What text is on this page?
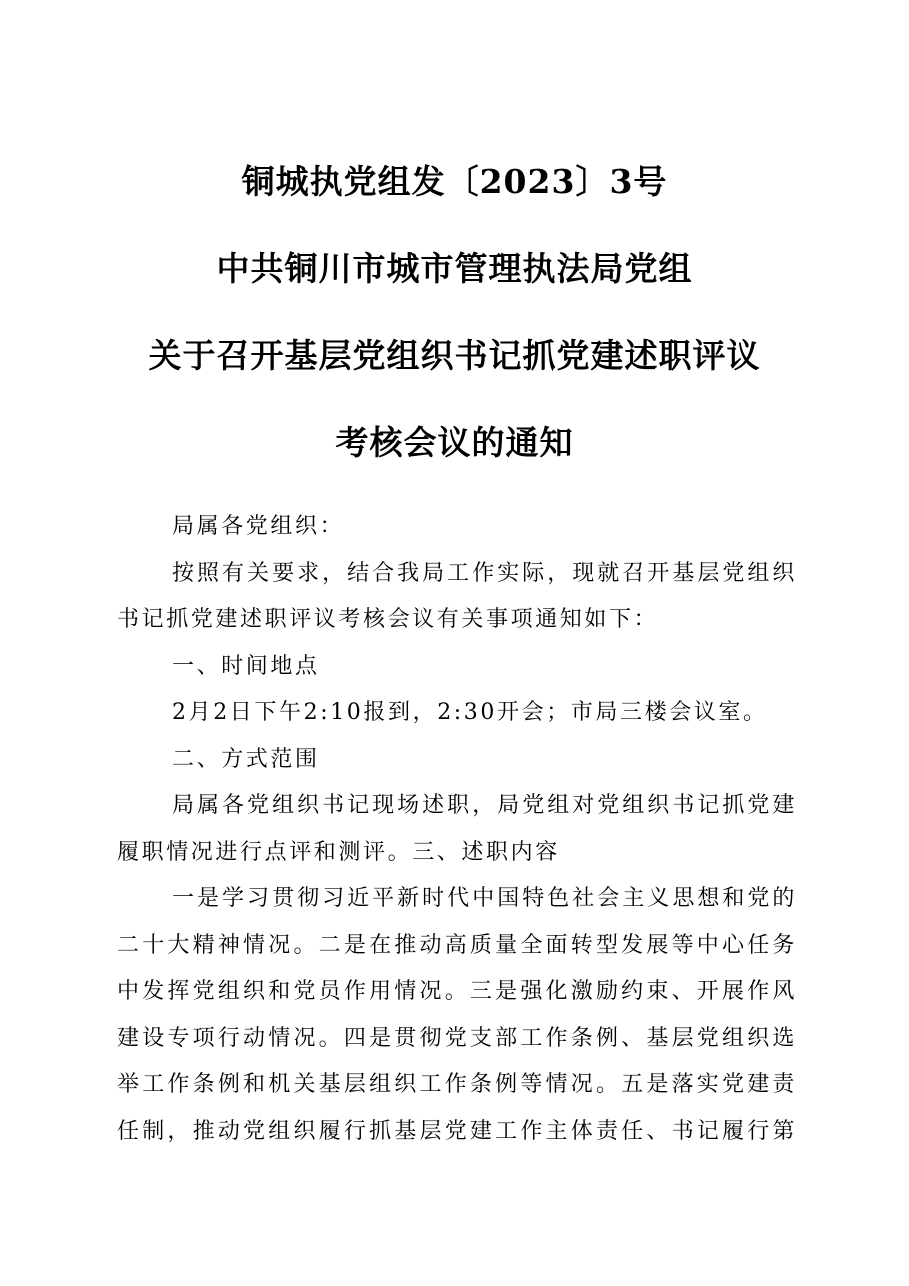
铜城执党组发〔2023〕3号
中共铜川市城市管理执法局党组
关于召开基层党组织书记抓党建述职评议
考核会议的通知
局属各党组织：
按照有关要求，结合我局工作实际，现就召开基层党组织
书记抓党建述职评议考核会议有关事项通知如下：
一、时间地点
2月2日下午2:10报到，2:30开会；市局三楼会议室。
二、方式范围
局属各党组织书记现场述职，局党组对党组织书记抓党建
履职情况进行点评和测评。三、述职内容
一是学习贯彻习近平新时代中国特色社会主义思想和党的
二十大精神情况。二是在推动高质量全面转型发展等中心任务
中发挥党组织和党员作用情况。三是强化激励约束、开展作风
建设专项行动情况。四是贯彻党支部工作条例、基层党组织选
举工作条例和机关基层组织工作条例等情况。五是落实党建责
任制，推动党组织履行抓基层党建工作主体责任、书记履行第
